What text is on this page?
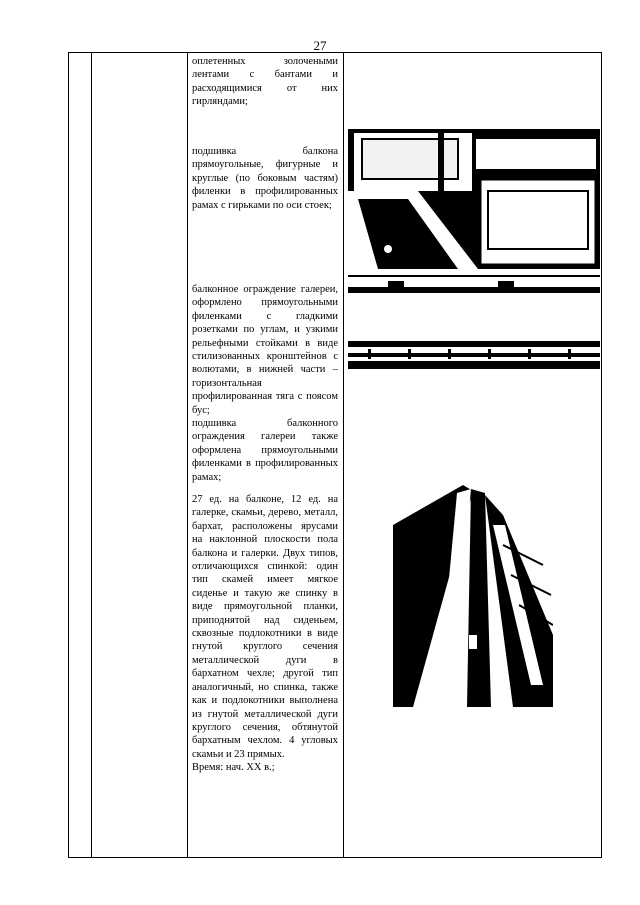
27

оплетенных золочеными лентами с бантами и расходящимися от них гирляндами;

подшивка балкона прямоугольные, фигурные и круглые (по боковым частям) филенки в профилированных рамах с гирьками по оси стоек;

балконное ограждение галереи, оформлено прямоугольными филенками с гладкими розетками по углам, и узкими рельефными стойками в виде стилизованных кронштейнов с волютами, в нижней части – горизонтальная профилированная тяга с поясом бус;

подшивка балконного ограждения галереи также оформлена прямоугольными филенками в профилированных рамах;

27 ед. на балконе, 12 ед. на галерке, скамьи, дерево, металл, бархат, расположены ярусами на наклонной плоскости пола балкона и галерки. Двух типов, отличающихся спинкой: один тип скамей имеет мягкое сиденье и такую же спинку в виде прямоугольной планки, приподнятой над сиденьем, сквозные подлокотники в виде гнутой круглого сечения металлической дуги в бархатном чехле; другой тип аналогичный, но спинка, также как и подлокотники выполнена из гнутой металлической дуги круглого сечения, обтянутой бархатным чехлом. 4 угловых скамьи и 23 прямых.

Время: нач. XX в.;
